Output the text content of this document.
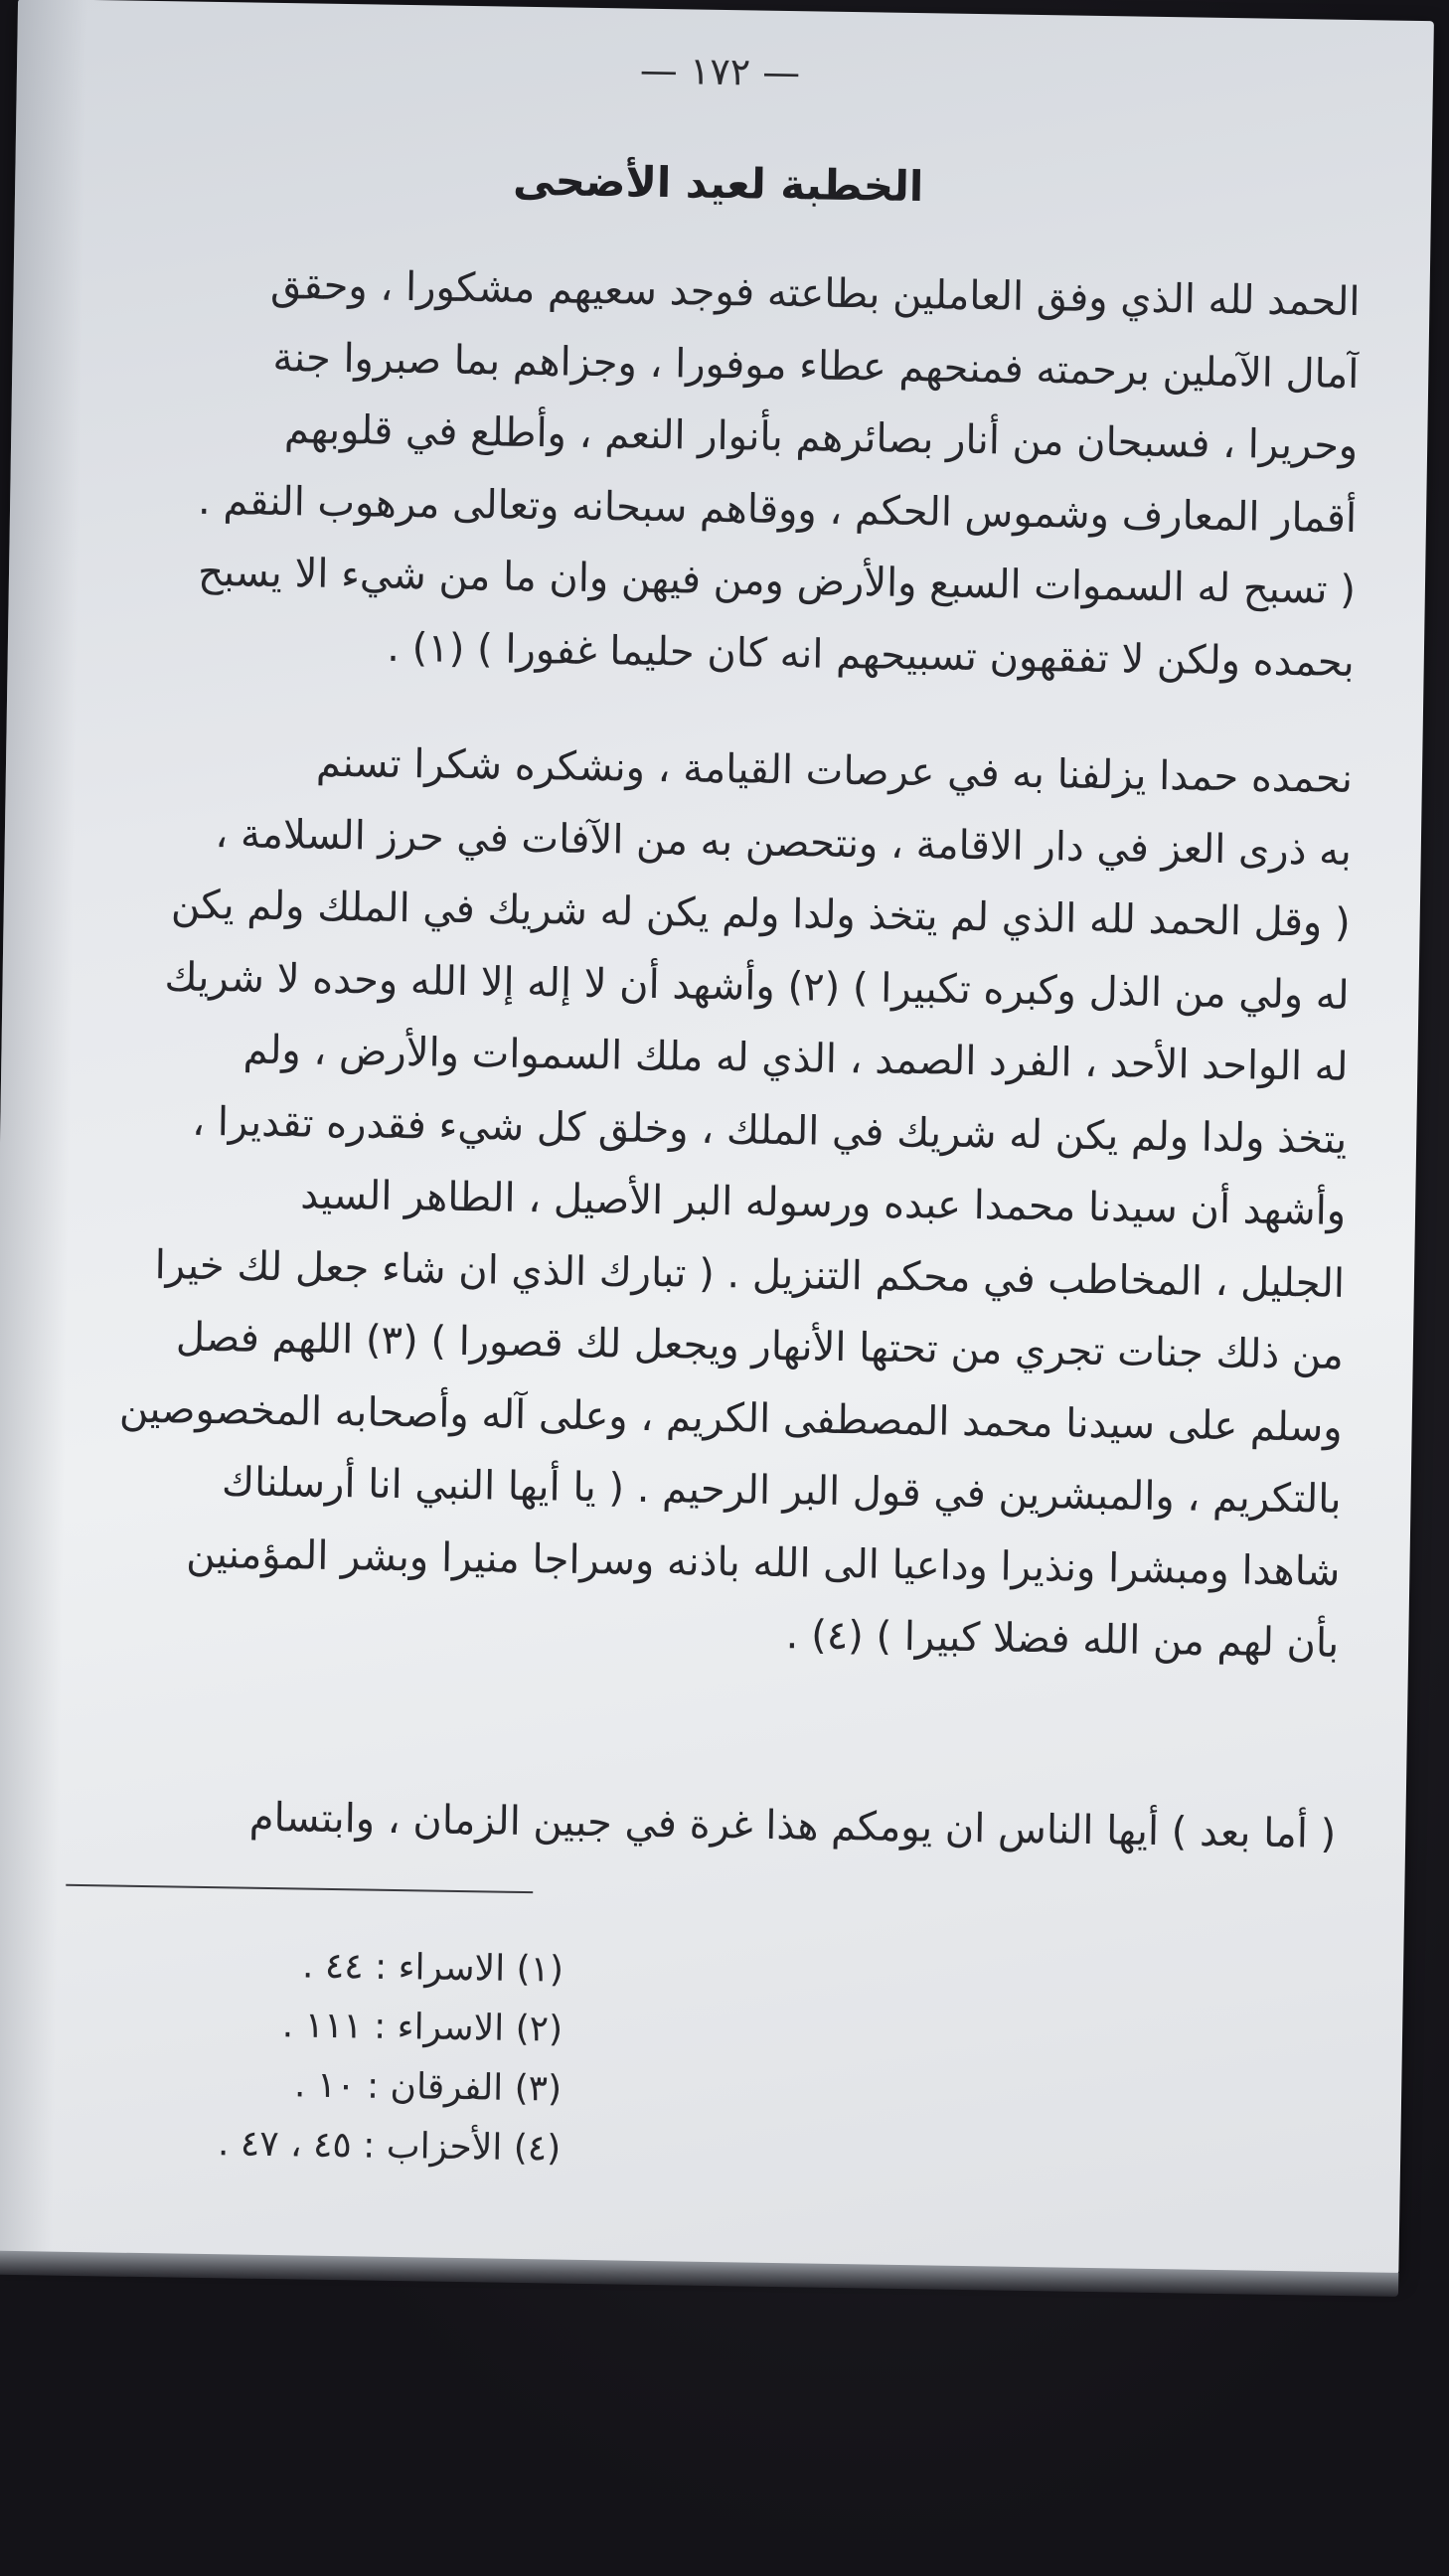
— ١٧٢ —
الخطبة لعيد الأضحى
الحمد لله الذي وفق العاملين بطاعته فوجد سعيهم مشكورا ، وحقق
آمال الآملين برحمته فمنحهم عطاء موفورا ، وجزاهم بما صبروا جنة
وحريرا ، فسبحان من أنار بصائرهم بأنوار النعم ، وأطلع في قلوبهم
أقمار المعارف وشموس الحكم ، ووقاهم سبحانه وتعالى مرهوب النقم .
( تسبح له السموات السبع والأرض ومن فيهن وان ما من شيء الا يسبح
بحمده ولكن لا تفقهون تسبيحهم انه كان حليما غفورا ) (١) .
نحمده حمدا يزلفنا به في عرصات القيامة ، ونشكره شكرا تسنم
به ذرى العز في دار الاقامة ، ونتحصن به من الآفات في حرز السلامة ،
( وقل الحمد لله الذي لم يتخذ ولدا ولم يكن له شريك في الملك ولم يكن
له ولي من الذل وكبره تكبيرا ) (٢) وأشهد أن لا إله إلا الله وحده لا شريك
له الواحد الأحد ، الفرد الصمد ، الذي له ملك السموات والأرض ، ولم
يتخذ ولدا ولم يكن له شريك في الملك ، وخلق كل شيء فقدره تقديرا ،
وأشهد أن سيدنا محمدا عبده ورسوله البر الأصيل ، الطاهر السيد
الجليل ، المخاطب في محكم التنزيل . ( تبارك الذي ان شاء جعل لك خيرا
من ذلك جنات تجري من تحتها الأنهار ويجعل لك قصورا ) (٣) اللهم فصل
وسلم على سيدنا محمد المصطفى الكريم ، وعلى آله وأصحابه المخصوصين
بالتكريم ، والمبشرين في قول البر الرحيم . ( يا أيها النبي انا أرسلناك
شاهدا ومبشرا ونذيرا وداعيا الى الله باذنه وسراجا منيرا وبشر المؤمنين
بأن لهم من الله فضلا كبيرا ) (٤) .
( أما بعد ) أيها الناس ان يومكم هذا غرة في جبين الزمان ، وابتسام
(١) الاسراء : ٤٤ .
(٢) الاسراء : ١١١ .
(٣) الفرقان : ١٠ .
(٤) الأحزاب : ٤٥ ، ٤٧ .
